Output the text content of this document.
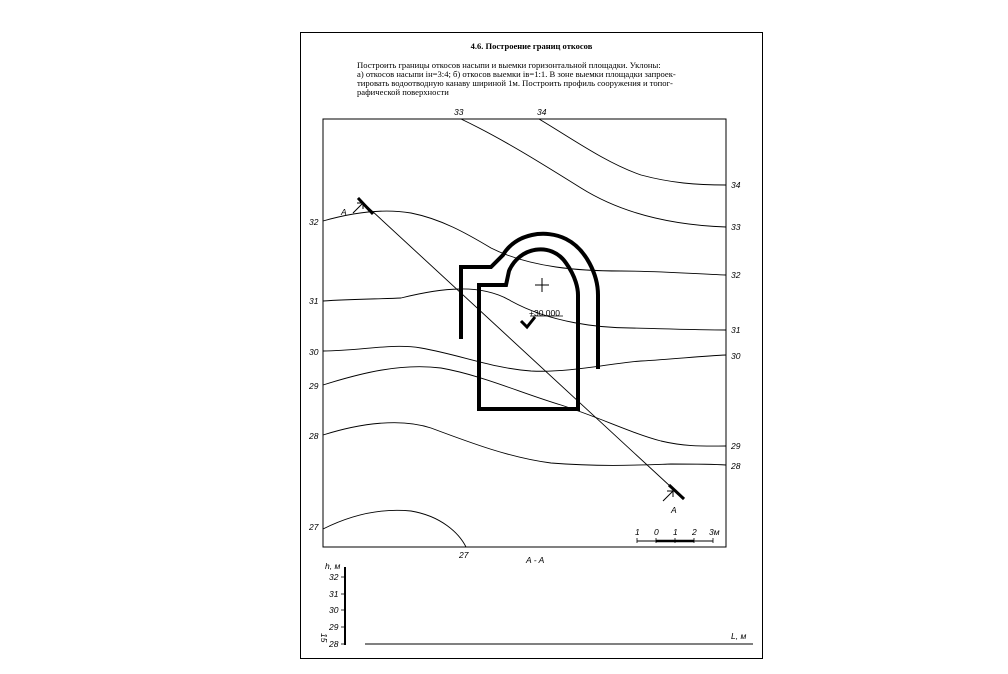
4.6. Построение границ откосов
Построить границы откосов насыпи и выемки горизонтальной площадки. Уклоны:
а) откосов насыпи iн=3:4; б) откосов выемки iв=1:1. В зоне выемки площадки запроек-
тировать водоотводную канаву шириной 1м. Построить профиль сооружения и топог-
рафической поверхности
33	34
34
33
32
31
30
29
28
32
31
30
29
28
27
27
A
A
+30.000
1 0 1 2 3м
A - A
h, м
L, м
32
31
30
29
28
15
